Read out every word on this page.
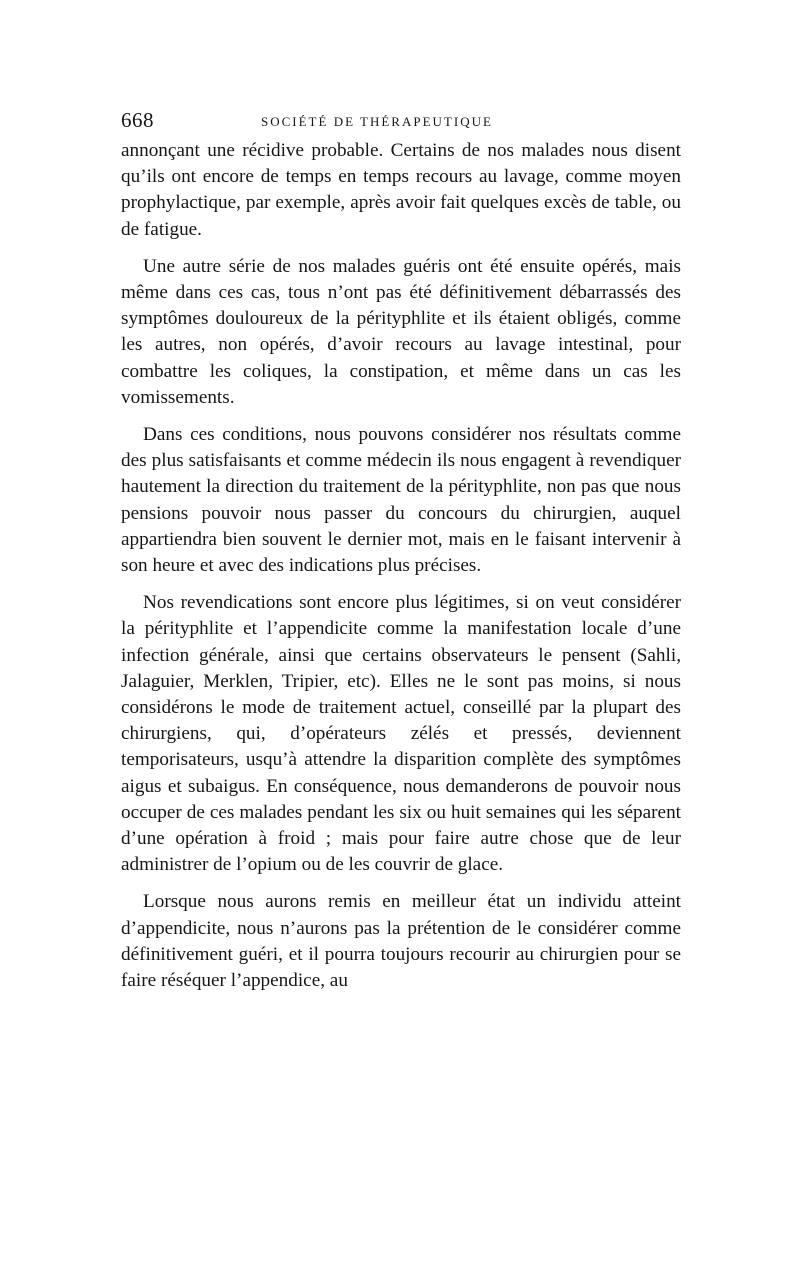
668	SOCIÉTÉ DE THÉRAPEUTIQUE

annonçant une récidive probable. Certains de nos malades nous disent qu’ils ont encore de temps en temps recours au lavage, comme moyen prophylactique, par exemple, après avoir fait quelques excès de table, ou de fatigue.

Une autre série de nos malades guéris ont été ensuite opérés, mais même dans ces cas, tous n’ont pas été définitivement débarrassés des symptômes douloureux de la pérityphlite et ils étaient obligés, comme les autres, non opérés, d’avoir recours au lavage intestinal, pour combattre les coliques, la constipation, et même dans un cas les vomissements.

Dans ces conditions, nous pouvons considérer nos résultats comme des plus satisfaisants et comme médecin ils nous engagent à revendiquer hautement la direction du traitement de la pérityphlite, non pas que nous pensions pouvoir nous passer du concours du chirurgien, auquel appartiendra bien souvent le dernier mot, mais en le faisant intervenir à son heure et avec des indications plus précises.

Nos revendications sont encore plus légitimes, si on veut considérer la pérityphlite et l’appendicite comme la manifestation locale d’une infection générale, ainsi que certains observateurs le pensent (Sahli, Jalaguier, Merklen, Tripier, etc). Elles ne le sont pas moins, si nous considérons le mode de traitement actuel, conseillé par la plupart des chirurgiens, qui, d’opérateurs zélés et pressés, deviennent temporisateurs, usqu’à attendre la disparition complète des symptômes aigus et subaigus. En conséquence, nous demanderons de pouvoir nous occuper de ces malades pendant les six ou huit semaines qui les séparent d’une opération à froid ; mais pour faire autre chose que de leur administrer de l’opium ou de les couvrir de glace.

Lorsque nous aurons remis en meilleur état un individu atteint d’appendicite, nous n’aurons pas la prétention de le considérer comme définitivement guéri, et il pourra toujours recourir au chirurgien pour se faire réséquer l’appendice, au
